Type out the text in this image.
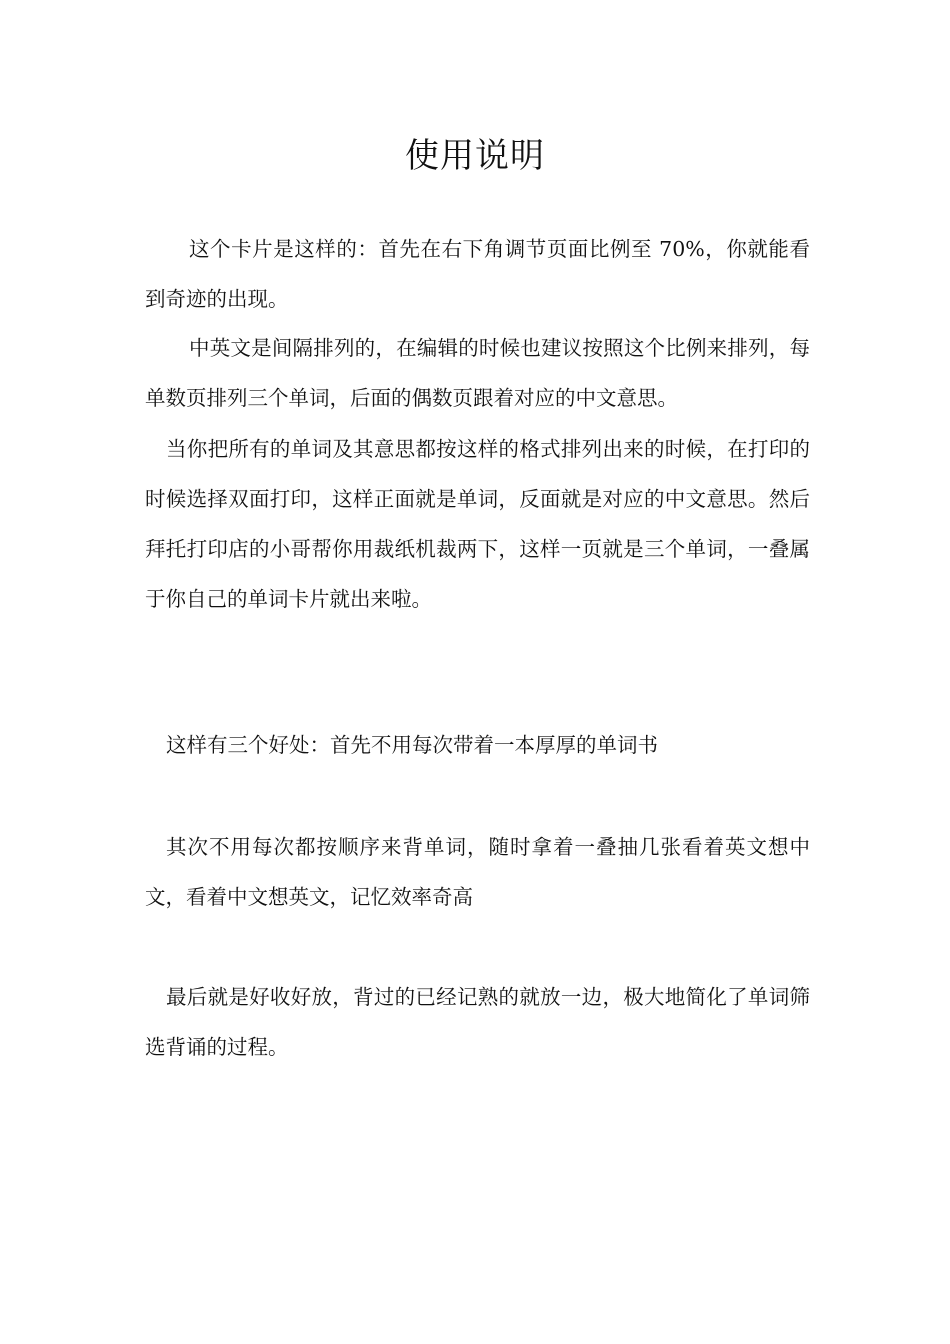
使用说明

这个卡片是这样的：首先在右下角调节页面比例至 70%，你就能看到奇迹的出现。

中英文是间隔排列的，在编辑的时候也建议按照这个比例来排列，每单数页排列三个单词，后面的偶数页跟着对应的中文意思。

当你把所有的单词及其意思都按这样的格式排列出来的时候，在打印的时候选择双面打印，这样正面就是单词，反面就是对应的中文意思。然后拜托打印店的小哥帮你用裁纸机裁两下，这样一页就是三个单词，一叠属于你自己的单词卡片就出来啦。

这样有三个好处：首先不用每次带着一本厚厚的单词书

其次不用每次都按顺序来背单词，随时拿着一叠抽几张看着英文想中文，看着中文想英文，记忆效率奇高

最后就是好收好放，背过的已经记熟的就放一边，极大地简化了单词筛选背诵的过程。
